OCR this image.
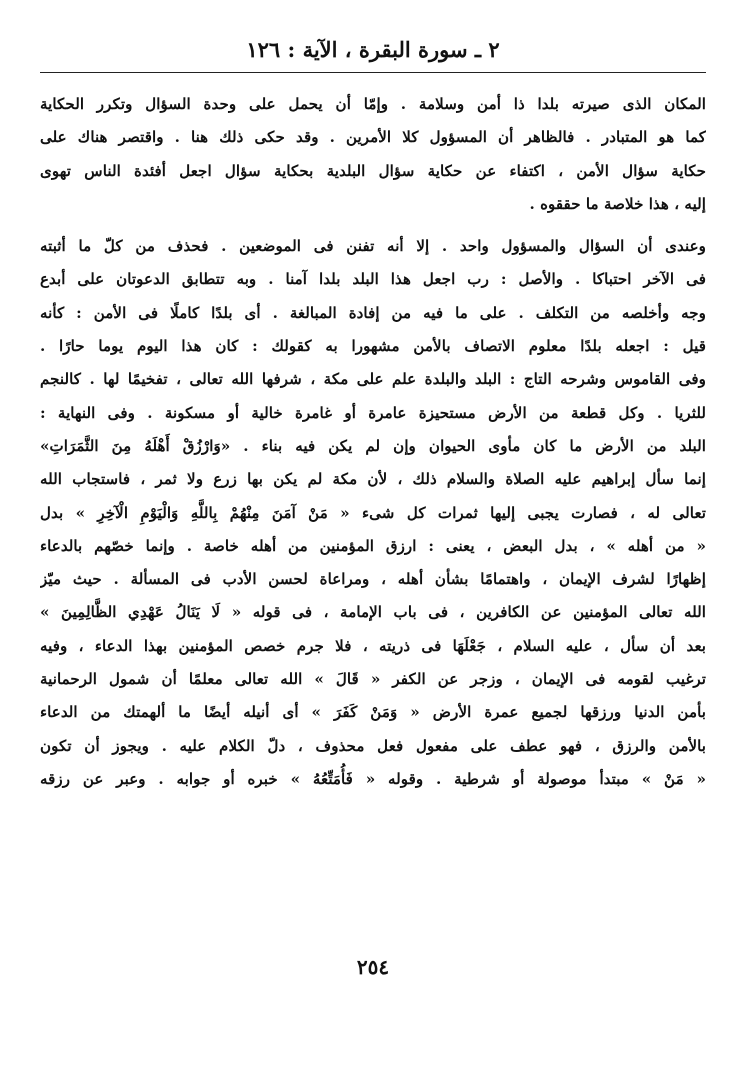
٢ ـ سورة البقرة ، الآية : ١٢٦
المكان الذى صيرته بلدا ذا أمن وسلامة . وإمّا أن يحمل على وحدة السؤال وتكرر الحكاية
كما هو المتبادر . فالظاهر أن المسؤول كلا الأمرين . وقد حكى ذلك هنا . واقتصر هناك على
حكاية سؤال الأمن ، اكتفاء عن حكاية سؤال البلدية بحكاية سؤال اجعل أفئدة الناس تهوى
إليه ، هذا خلاصة ما حققوه .
وعندى أن السؤال والمسؤول واحد . إلا أنه تفنن فى الموضعين . فحذف من كلّ ما أثبته
فى الآخر احتباكا . والأصل : رب اجعل هذا البلد بلدا آمنا . وبه تتطابق الدعوتان على أبدع
وجه وأخلصه من التكلف . على ما فيه من إفادة المبالغة . أى بلدًا كاملًا فى الأمن : كأنه
قيل : اجعله بلدًا معلوم الاتصاف بالأمن مشهورا به كقولك : كان هذا اليوم يوما حارًا .
وفى القاموس وشرحه التاج : البلد والبلدة علم على مكة ، شرفها الله تعالى ، تفخيمًا لها . كالنجم
للثريا . وكل قطعة من الأرض مستحيزة عامرة أو غامرة خالية أو مسكونة . وفى النهاية :
البلد من الأرض ما كان مأوى الحيوان وإن لم يكن فيه بناء . «وَارْزُقْ أَهْلَهُ مِنَ الثَّمَرَاتِ»
إنما سأل إبراهيم عليه الصلاة والسلام ذلك ، لأن مكة لم يكن بها زرع ولا ثمر ، فاستجاب الله
تعالى له ، فصارت يجبى إليها ثمرات كل شىء « مَنْ آمَنَ مِنْهُمْ بِاللَّهِ وَالْيَوْمِ الْآخِرِ » بدل
« من أهله » ، بدل البعض ، يعنى : ارزق المؤمنين من أهله خاصة . وإنما خصّهم بالدعاء
إظهارًا لشرف الإيمان ، واهتمامًا بشأن أهله ، ومراعاة لحسن الأدب فى المسألة . حيث ميّز
الله تعالى المؤمنين عن الكافرين ، فى باب الإمامة ، فى قوله « لَا يَنَالُ عَهْدِي الظَّالِمِينَ »
بعد أن سأل ، عليه السلام ، جَعْلَهَا فى ذريته ، فلا جرم خصص المؤمنين بهذا الدعاء ، وفيه
ترغيب لقومه فى الإيمان ، وزجر عن الكفر « قَالَ » الله تعالى معلمًا أن شمول الرحمانية
بأمن الدنيا ورزقها لجميع عمرة الأرض « وَمَنْ كَفَرَ » أى أنيله أيضًا ما ألهمتك من الدعاء
بالأمن والرزق ، فهو عطف على مفعول فعل محذوف ، دلّ الكلام عليه . ويجوز أن تكون
« مَنْ » مبتدأ موصولة أو شرطية . وقوله « فَأُمَتِّعُهُ » خبره أو جوابه . وعبر عن رزقه
٢٥٤
